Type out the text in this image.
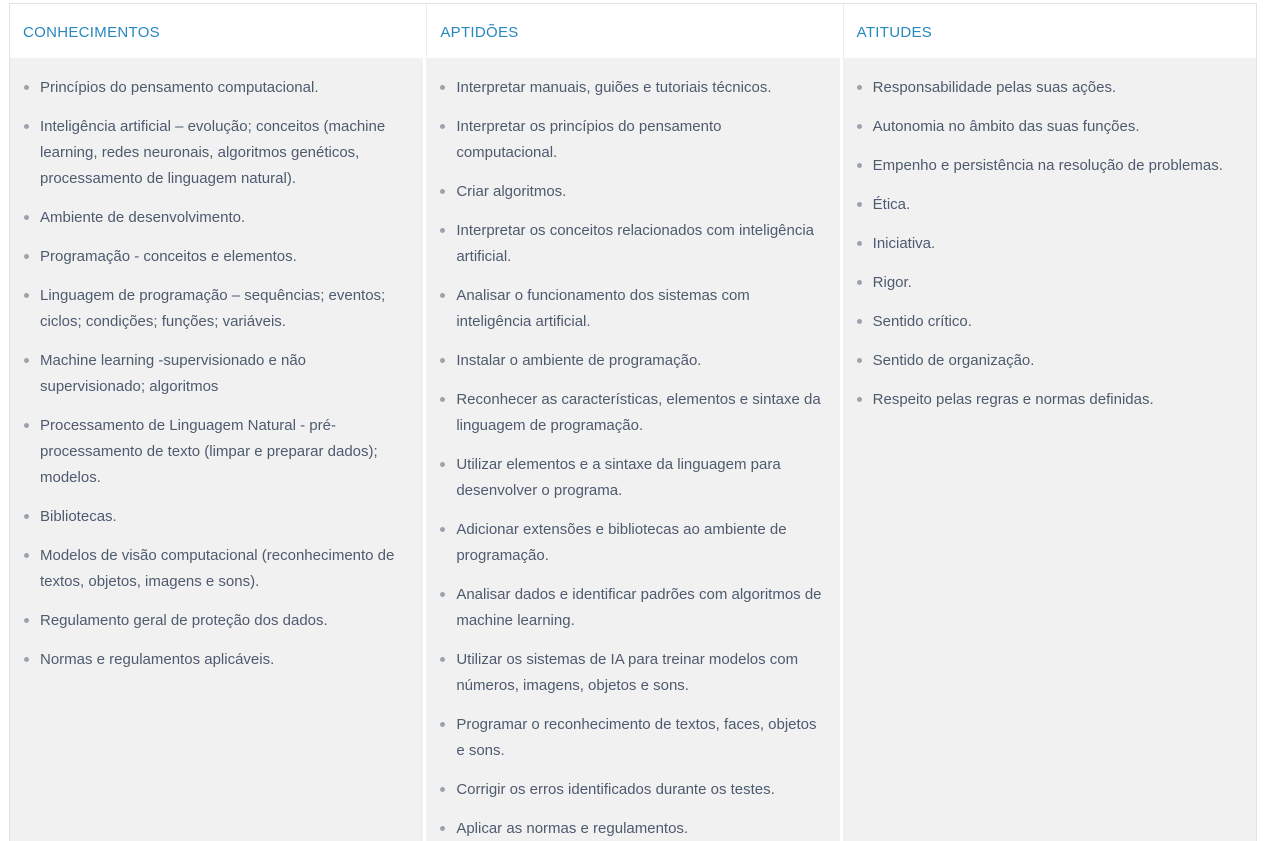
CONHECIMENTOS
Princípios do pensamento computacional.
Inteligência artificial – evolução; conceitos (machine learning, redes neuronais, algoritmos genéticos, processamento de linguagem natural).
Ambiente de desenvolvimento.
Programação - conceitos e elementos.
Linguagem de programação – sequências; eventos; ciclos; condições; funções; variáveis.
Machine learning -supervisionado e não supervisionado; algoritmos
Processamento de Linguagem Natural - pré-processamento de texto (limpar e preparar dados); modelos.
Bibliotecas.
Modelos de visão computacional (reconhecimento de textos, objetos, imagens e sons).
Regulamento geral de proteção dos dados.
Normas e regulamentos aplicáveis.
APTIDÕES
Interpretar manuais, guiões e tutoriais técnicos.
Interpretar os princípios do pensamento computacional.
Criar algoritmos.
Interpretar os conceitos relacionados com inteligência artificial.
Analisar o funcionamento dos sistemas com inteligência artificial.
Instalar o ambiente de programação.
Reconhecer as características, elementos e sintaxe da linguagem de programação.
Utilizar elementos e a sintaxe da linguagem para desenvolver o programa.
Adicionar extensões e bibliotecas ao ambiente de programação.
Analisar dados e identificar padrões com algoritmos de machine learning.
Utilizar os sistemas de IA para treinar modelos com números, imagens, objetos e sons.
Programar o reconhecimento de textos, faces, objetos e sons.
Corrigir os erros identificados durante os testes.
Aplicar as normas e regulamentos.
ATITUDES
Responsabilidade pelas suas ações.
Autonomia no âmbito das suas funções.
Empenho e persistência na resolução de problemas.
Ética.
Iniciativa.
Rigor.
Sentido crítico.
Sentido de organização.
Respeito pelas regras e normas definidas.
